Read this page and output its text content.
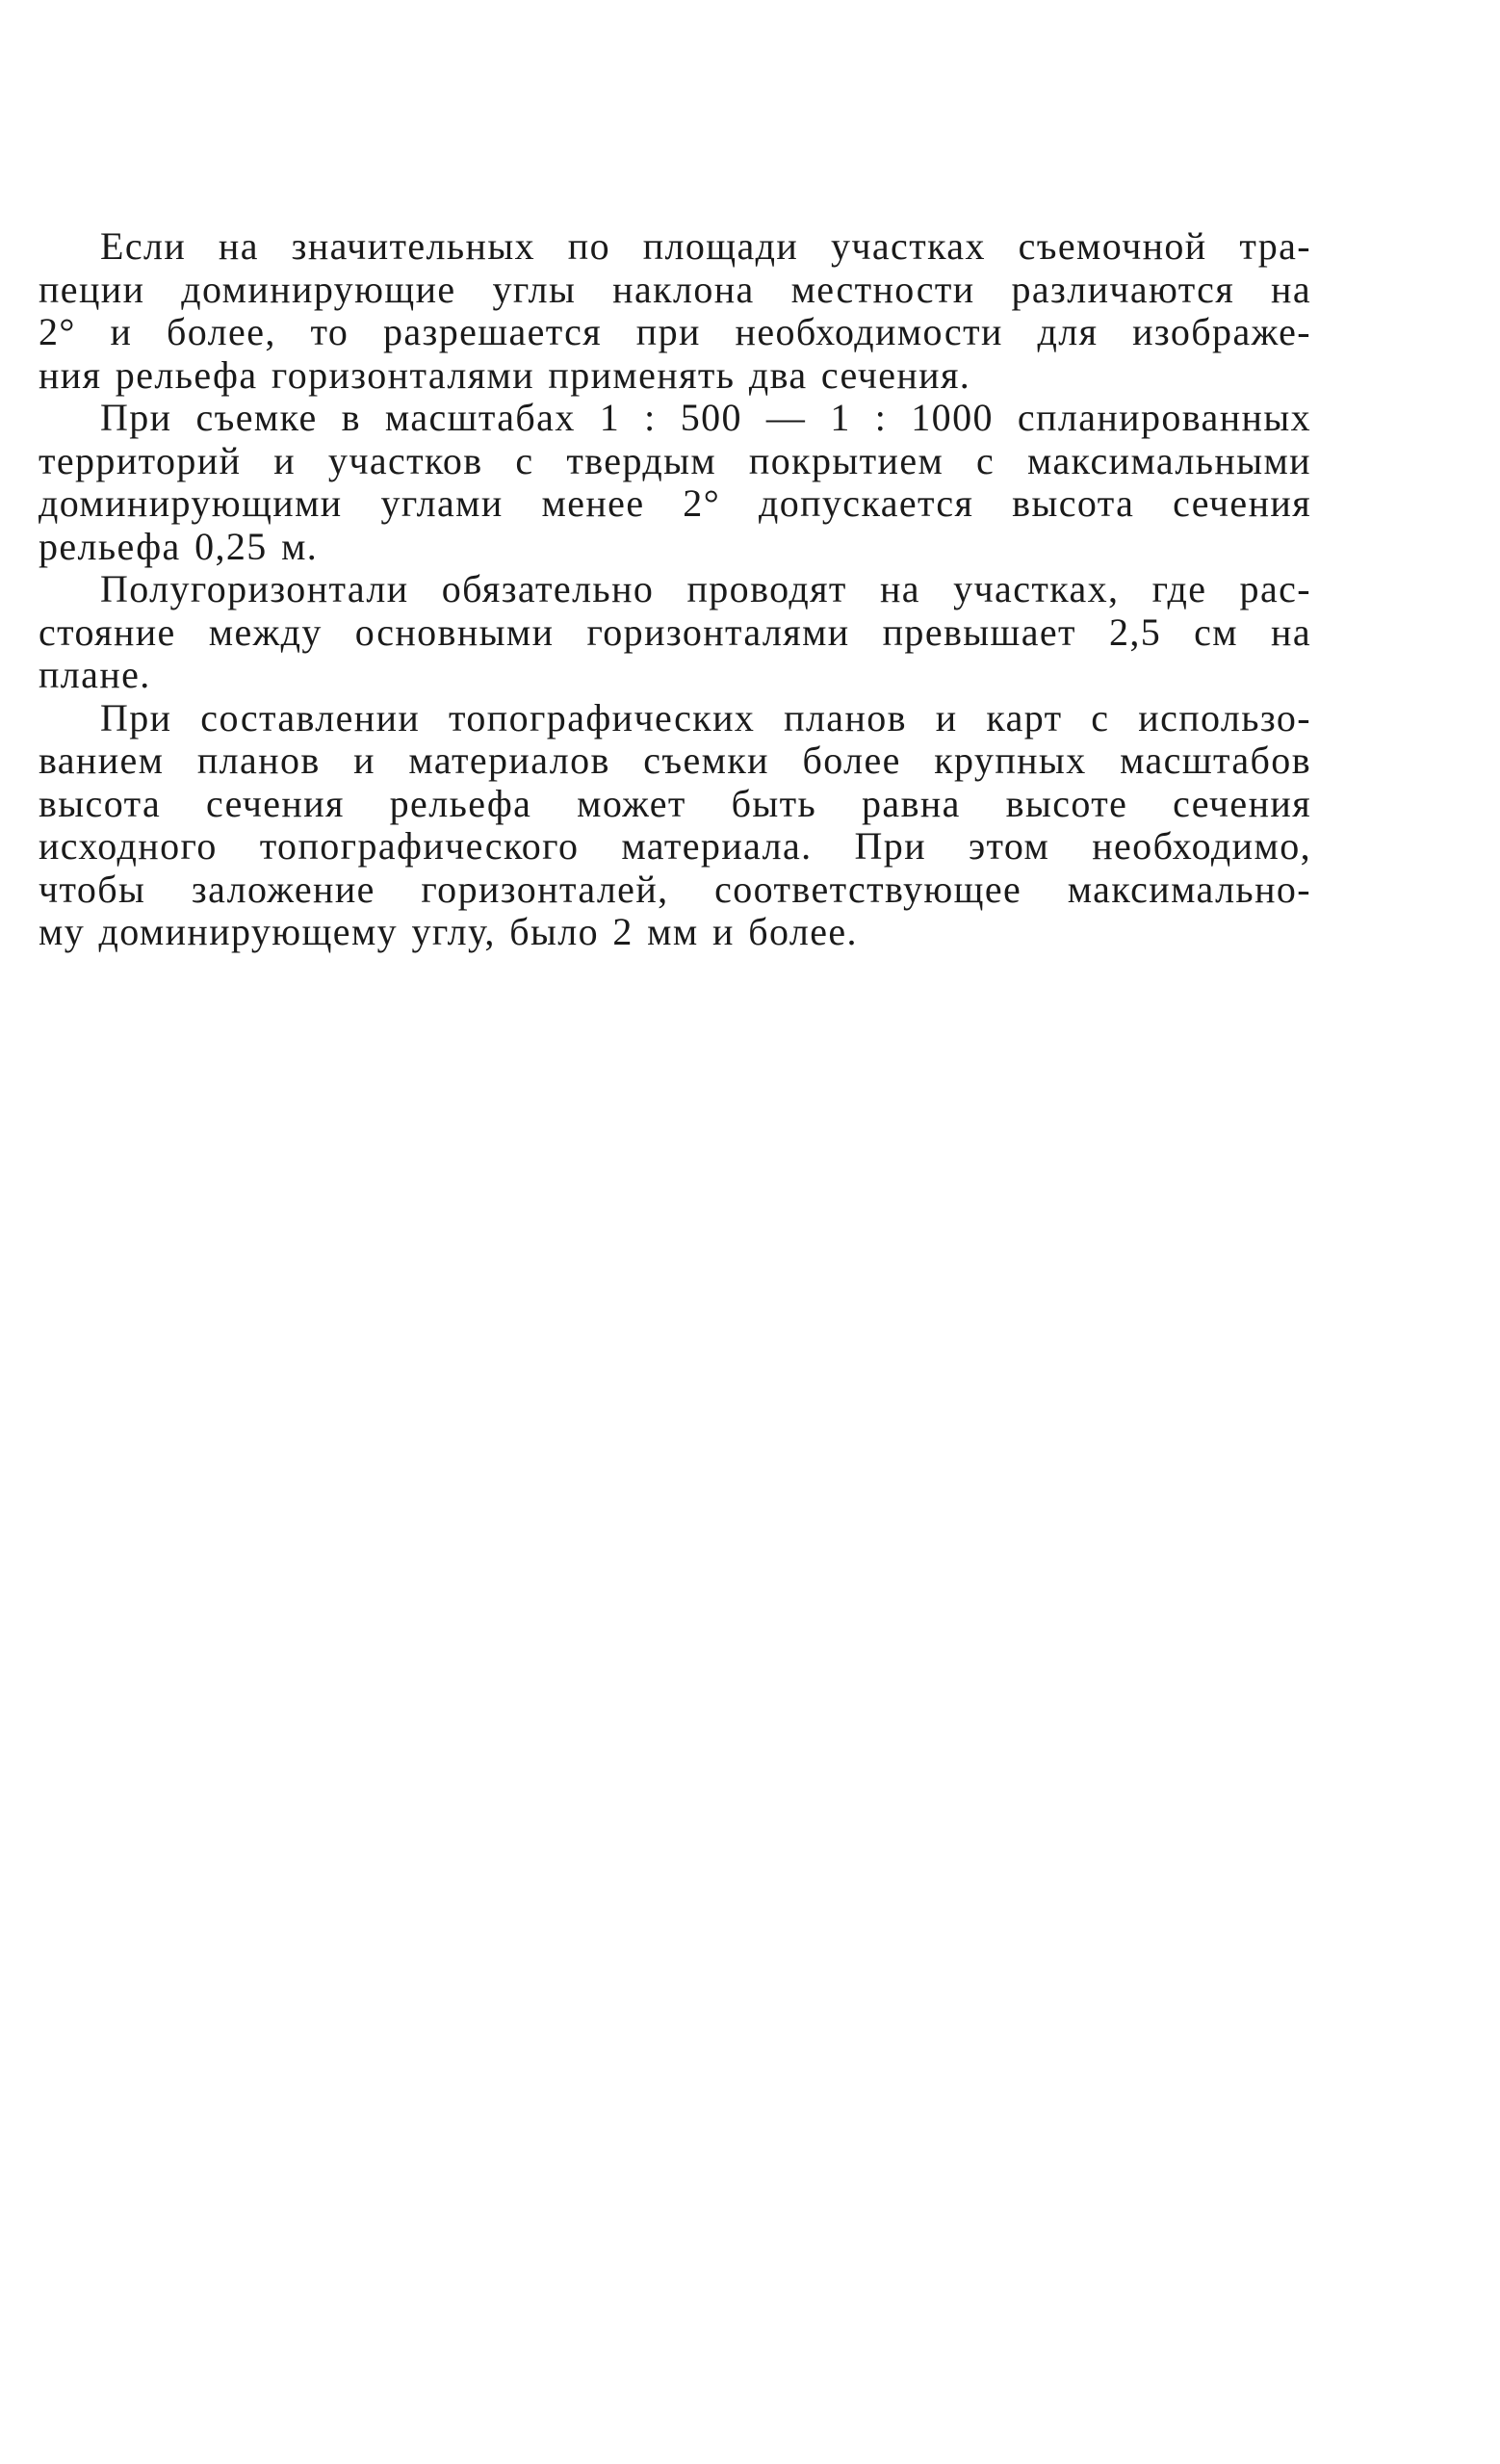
Если на значительных по площади участках съемочной тра-
пеции доминирующие углы наклона местности различаются на
2° и более, то разрешается при необходимости для изображе-
ния рельефа горизонталями применять два сечения.
При съемке в масштабах 1 : 500 — 1 : 1000 спланированных
территорий и участков с твердым покрытием с максимальными
доминирующими углами менее 2° допускается высота сечения
рельефа 0,25 м.
Полугоризонтали обязательно проводят на участках, где рас-
стояние между основными горизонталями превышает 2,5 см на
плане.
При составлении топографических планов и карт с использо-
ванием планов и материалов съемки более крупных масштабов
высота сечения рельефа может быть равна высоте сечения
исходного топографического материала. При этом необходимо,
чтобы заложение горизонталей, соответствующее максимально-
му доминирующему углу, было 2 мм и более.
